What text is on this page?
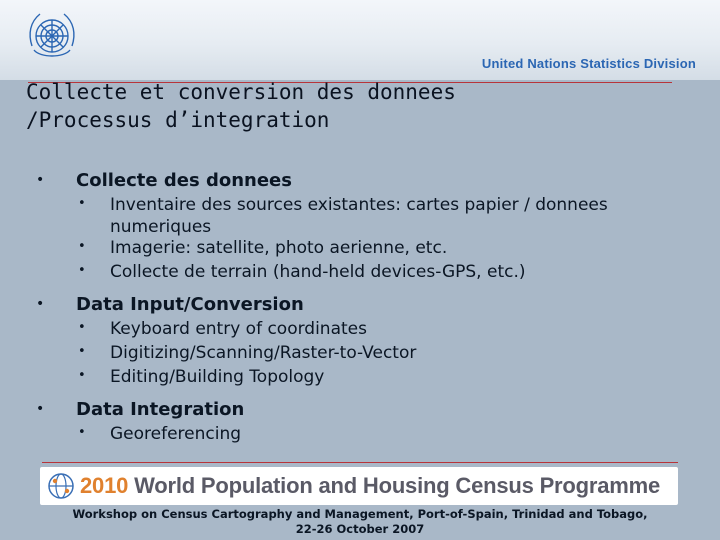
United Nations Statistics Division
Collecte et conversion des donnees
/Processus d’integration
• Collecte des donnees
• Inventaire des sources existantes: cartes papier / donnees numeriques
• Imagerie: satellite, photo aerienne, etc.
• Collecte de terrain (hand-held devices-GPS, etc.)
• Data Input/Conversion
• Keyboard entry of coordinates
• Digitizing/Scanning/Raster-to-Vector
• Editing/Building Topology
• Data Integration
• Georeferencing
2010 World Population and Housing Census Programme
Workshop on Census Cartography and Management, Port-of-Spain, Trinidad and Tobago,
22-26 October 2007
